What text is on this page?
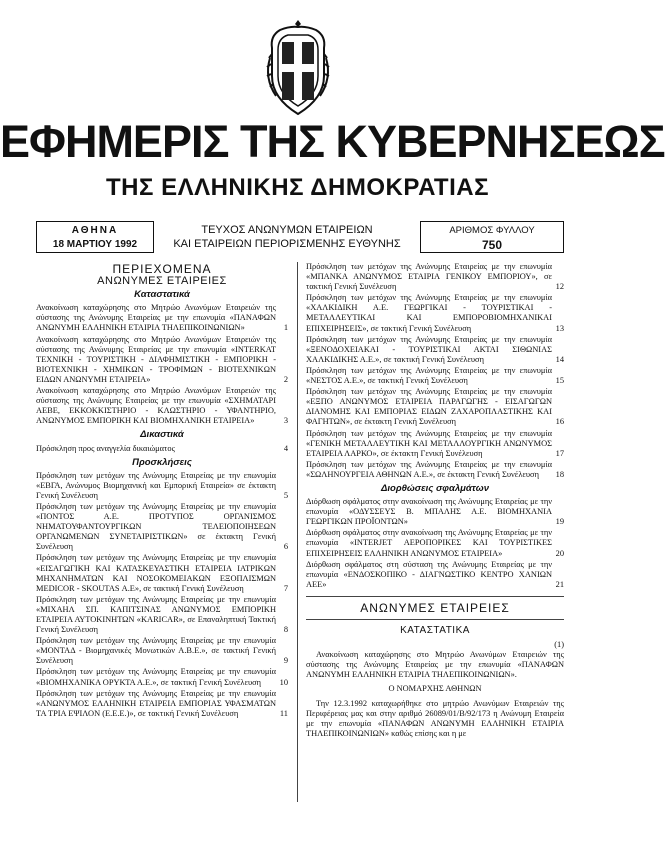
ΕΦΗΜΕΡΙΣ ΤΗΣ ΚΥΒΕΡΝΗΣΕΩΣ
ΤΗΣ ΕΛΛΗΝΙΚΗΣ ΔΗΜΟΚΡΑΤΙΑΣ
ΑΘΗΝΑ
18 ΜΑΡΤΙΟΥ 1992
ΤΕΥΧΟΣ ΑΝΩΝΥΜΩΝ ΕΤΑΙΡΕΙΩΝ
ΚΑΙ ΕΤΑΙΡΕΙΩΝ ΠΕΡΙΟΡΙΣΜΕΝΗΣ ΕΥΘΥΝΗΣ
ΑΡΙΘΜΟΣ ΦΥΛΛΟΥ
750
ΠΕΡΙΕΧΟΜΕΝΑ
ΑΝΩΝΥΜΕΣ ΕΤΑΙΡΕΙΕΣ
Καταστατικά
Ανακοίνωση καταχώρησης στο Μητρώο Ανωνύμων Εταιρειών της σύστασης της Ανώνυμης Εταιρείας με την επωνυμία «ΠΑΝΑΦΩΝ ΑΝΩΝΥΜΗ ΕΛΛΗΝΙΚΗ ΕΤΑΙΡΙΑ ΤΗΛΕΠΙΚΟΙΝΩΝΙΩΝ»	1
Ανακοίνωση καταχώρησης στο Μητρώο Ανωνύμων Εταιρειών της σύστασης της Ανώνυμης Εταιρείας με την επωνυμία «INTERKAT ΤΕΧΝΙΚΗ - ΤΟΥΡΙΣΤΙΚΗ - ΔΙΑΦΗΜΙΣΤΙΚΗ - ΕΜΠΟΡΙΚΗ - ΒΙΟΤΕΧΝΙΚΗ - ΧΗΜΙΚΩΝ - ΤΡΟΦΙΜΩΝ - ΒΙΟΤΕΧΝΙΚΩΝ ΕΙΔΩΝ ΑΝΩΝΥΜΗ ΕΤΑΙΡΕΙΑ»	2
Ανακοίνωση καταχώρησης στο Μητρώο Ανωνύμων Εταιρειών της σύστασης της Ανώνυμης Εταιρείας με την επωνυμία «ΣΧΗΜΑΤΑΡΙ ΑΕΒΕ, ΕΚΚΟΚΚΙΣΤΗΡΙΟ - ΚΛΩΣΤΗΡΙΟ - ΥΦΑΝΤΗΡΙΟ, ΑΝΩΝΥΜΟΣ ΕΜΠΟΡΙΚΗ ΚΑΙ ΒΙΟΜΗΧΑΝΙΚΗ ΕΤΑΙΡΕΙΑ»	3
Δικαστικά
Πρόσκληση προς αναγγελία δικαιώματος	4
Προσκλήσεις
Πρόσκληση των μετόχων της Ανώνυμης Εταιρείας με την επωνυμία «ΕΒΓΑ, Ανώνυμος Βιομηχανική και Εμπορική Εταιρεία» σε έκτακτη Γενική Συνέλευση	5
Πρόσκληση των μετόχων της Ανώνυμης Εταιρείας με την επωνυμία «ΠΟΝΤΟΣ Α.Ε. ΠΡΟΤΥΠΟΣ ΟΡΓΑΝΙΣΜΟΣ ΝΗΜΑΤΟΥΦΑΝΤΟΥΡΓΙΚΩΝ ΤΕΛΕΙΟΠΟΙΗΣΕΩΝ ΟΡΓΑΝΩΜΕΝΩΝ ΣΥΝΕΤΑΙΡΙΣΤΙΚΩΝ» σε έκτακτη Γενική Συνέλευση	6
Πρόσκληση των μετόχων της Ανώνυμης Εταιρείας με την επωνυμία «ΕΙΣΑΓΩΓΙΚΗ ΚΑΙ ΚΑΤΑΣΚΕΥΑΣΤΙΚΗ ΕΤΑΙΡΕΙΑ ΙΑΤΡΙΚΩΝ ΜΗΧΑΝΗΜΑΤΩΝ ΚΑΙ ΝΟΣΟΚΟΜΕΙΑΚΩΝ ΕΞΟΠΛΙΣΜΩΝ MEDICOR - SKOUTAS Α.Ε», σε τακτική Γενική Συνέλευση	7
Πρόσκληση των μετόχων της Ανώνυμης Εταιρείας με την επωνυμία «ΜΙΧΑΗΛ ΣΠ. ΚΑΠΙΤΣΙΝΑΣ ΑΝΩΝΥΜΟΣ ΕΜΠΟΡΙΚΗ ΕΤΑΙΡΕΙΑ ΑΥΤΟΚΙΝΗΤΩΝ «KARICAR», σε Επαναληπτική Τακτική Γενική Συνέλευση	8
Πρόσκληση των μετόχων της Ανώνυμης Εταιρείας με την επωνυμία «ΜΟΝΤΑΔ - Βιομηχανικές Μονωτικών Α.Β.Ε.», σε τακτική Γενική Συνέλευση	9
Πρόσκληση των μετόχων της Ανώνυμης Εταιρείας με την επωνυμία «ΒΙΟΜΗΧΑΝΙΚΑ ΟΡΥΚΤΑ Α.Ε.», σε τακτική Γενική Συνέλευση	10
Πρόσκληση των μετόχων της Ανώνυμης Εταιρείας με την επωνυμία «ΑΝΩΝΥΜΟΣ ΕΛΛΗΝΙΚΗ ΕΤΑΙΡΕΙΑ ΕΜΠΟΡΙΑΣ ΥΦΑΣΜΑΤΩΝ ΤΑ ΤΡΙΑ ΕΨΙΛΟΝ (Ε.Ε.Ε.)», σε τακτική Γενική Συνέλευση	11
Πρόσκληση των μετόχων της Ανώνυμης Εταιρείας με την επωνυμία «ΜΠΑΝΚΑ ΑΝΩΝΥΜΟΣ ΕΤΑΙΡΙΑ ΓΕΝΙΚΟΥ ΕΜΠΟΡΙΟΥ», σε τακτική Γενική Συνέλευση	12
Πρόσκληση των μετόχων της Ανώνυμης Εταιρείας με την επωνυμία «ΧΑΛΚΙΔΙΚΗ Α.Ε. ΓΕΩΡΓΙΚΑΙ - ΤΟΥΡΙΣΤΙΚΑΙ - ΜΕΤΑΛΛΕΥΤΙΚΑΙ ΚΑΙ ΕΜΠΟΡΟΒΙΟΜΗΧΑΝΙΚΑΙ ΕΠΙΧΕΙΡΗΣΕΙΣ», σε τακτική Γενική Συνέλευση	13
Πρόσκληση των μετόχων της Ανώνυμης Εταιρείας με την επωνυμία «ΞΕΝΟΔΟΧΕΙΑΚΑΙ - ΤΟΥΡΙΣΤΙΚΑΙ ΑΚΤΑΙ ΣΙΘΩΝΙΑΣ ΧΑΛΚΙΔΙΚΗΣ Α.Ε.», σε τακτική Γενική Συνέλευση	14
Πρόσκληση των μετόχων της Ανώνυμης Εταιρείας με την επωνυμία «ΝΕΣΤΟΣ Α.Ε.», σε τακτική Γενική Συνέλευση	15
Πρόσκληση των μετόχων της Ανώνυμης Εταιρείας με την επωνυμία «ΕΞΠΟ ΑΝΩΝΥΜΟΣ ΕΤΑΙΡΕΙΑ ΠΑΡΑΓΩΓΗΣ - ΕΙΣΑΓΩΓΩΝ ΔΙΑΝΟΜΗΣ ΚΑΙ ΕΜΠΟΡΙΑΣ ΕΙΔΩΝ ΖΑΧΑΡΟΠΛΑΣΤΙΚΗΣ ΚΑΙ ΦΑΓΗΤΩΝ», σε έκτακτη Γενική Συνέλευση	16
Πρόσκληση των μετόχων της Ανώνυμης Εταιρείας με την επωνυμία «ΓΕΝΙΚΗ ΜΕΤΑΛΛΕΥΤΙΚΗ ΚΑΙ ΜΕΤΑΛΛΟΥΡΓΙΚΗ ΑΝΩΝΥΜΟΣ ΕΤΑΙΡΕΙΑ ΛΑΡΚΟ», σε έκτακτη Γενική Συνέλευση	17
Πρόσκληση των μετόχων της Ανώνυμης Εταιρείας με την επωνυμία «ΣΩΛΗΝΟΥΡΓΕΙΑ ΑΘΗΝΩΝ Α.Ε.», σε έκτακτη Γενική Συνέλευση	18
Διορθώσεις σφαλμάτων
Διόρθωση σφάλματος στην ανακοίνωση της Ανώνυμης Εταιρείας με την επωνυμία «ΟΔΥΣΣΕΥΣ Β. ΜΠΑΛΗΣ Α.Ε. ΒΙΟΜΗΧΑΝΙΑ ΓΕΩΡΓΙΚΩΝ ΠΡΟΪΟΝΤΩΝ»	19
Διόρθωση σφάλματος στην ανακοίνωση της Ανώνυμης Εταιρείας με την επωνυμία «INTERJET ΑΕΡΟΠΟΡΙΚΕΣ ΚΑΙ ΤΟΥΡΙΣΤΙΚΕΣ ΕΠΙΧΕΙΡΗΣΕΙΣ ΕΛΛΗΝΙΚΗ ΑΝΩΝΥΜΟΣ ΕΤΑΙΡΕΙΑ»	20
Διόρθωση σφάλματος στη σύσταση της Ανώνυμης Εταιρείας με την επωνυμία «ΕΝΔΟΣΚΟΠΙΚΟ - ΔΙΑΓΝΩΣΤΙΚΟ ΚΕΝΤΡΟ ΧΑΝΙΩΝ ΑΕΕ»	21
ΑΝΩΝΥΜΕΣ ΕΤΑΙΡΕΙΕΣ
ΚΑΤΑΣΤΑΤΙΚΑ
(1)
Ανακοίνωση καταχώρησης στο Μητρώο Ανωνύμων Εταιρειών της σύστασης της Ανώνυμης Εταιρείας με την επωνυμία «ΠΑΝΑΦΩΝ ΑΝΩΝΥΜΗ ΕΛΛΗΝΙΚΗ ΕΤΑΙΡΙΑ ΤΗΛΕΠΙΚΟΙΝΩΝΙΩΝ».
Ο ΝΟΜΑΡΧΗΣ ΑΘΗΝΩΝ
Την 12.3.1992 καταχωρήθηκε στο μητρώο Ανωνύμων Εταιρειών της Περιφέρειας μας και στην αριθμό 26089/01/Β/92/173 η Ανώνυμη Εταιρεία με την επωνυμία «ΠΑΝΑΦΩΝ ΑΝΩΝΥΜΗ ΕΛΛΗΝΙΚΗ ΕΤΑΙΡΙΑ ΤΗΛΕΠΙΚΟΙΝΩΝΙΩΝ» καθώς επίσης και η με
